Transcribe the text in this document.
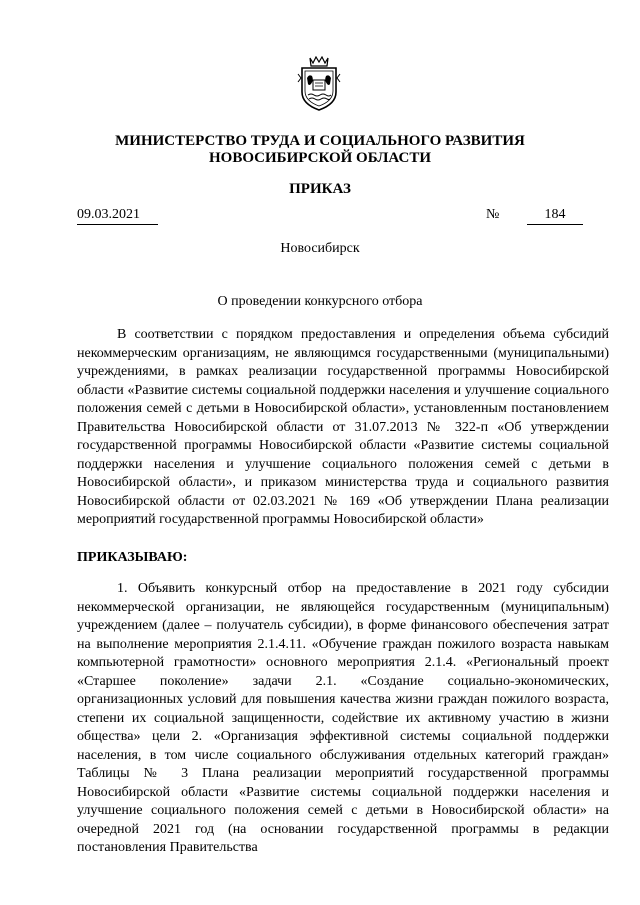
МИНИСТЕРСТВО ТРУДА И СОЦИАЛЬНОГО РАЗВИТИЯ
НОВОСИБИРСКОЙ ОБЛАСТИ
ПРИКАЗ
09.03.2021	№	184
Новосибирск
О проведении конкурсного отбора

В соответствии с порядком предоставления и определения объема субсидий некоммерческим организациям, не являющимся государственными (муниципальными) учреждениями, в рамках реализации государственной программы Новосибирской области «Развитие системы социальной поддержки населения и улучшение социального положения семей с детьми в Новосибирской области», установленным постановлением Правительства Новосибирской области от 31.07.2013 № 322-п «Об утверждении государственной программы Новосибирской области «Развитие системы социальной поддержки населения и улучшение социального положения семей с детьми в Новосибирской области», и приказом министерства труда и социального развития Новосибирской области от 02.03.2021 № 169 «Об утверждении Плана реализации мероприятий государственной программы Новосибирской области»

ПРИКАЗЫВАЮ:

1. Объявить конкурсный отбор на предоставление в 2021 году субсидии некоммерческой организации, не являющейся государственным (муниципальным) учреждением (далее – получатель субсидии), в форме финансового обеспечения затрат на выполнение мероприятия 2.1.4.11. «Обучение граждан пожилого возраста навыкам компьютерной грамотности» основного мероприятия 2.1.4. «Региональный проект «Старшее поколение» задачи 2.1. «Создание социально-экономических, организационных условий для повышения качества жизни граждан пожилого возраста, степени их социальной защищенности, содействие их активному участию в жизни общества» цели 2. «Организация эффективной системы социальной поддержки населения, в том числе социального обслуживания отдельных категорий граждан» Таблицы № 3 Плана реализации мероприятий государственной программы Новосибирской области «Развитие системы социальной поддержки населения и улучшение социального положения семей с детьми в Новосибирской области» на очередной 2021 год (на основании государственной программы в редакции постановления Правительства
